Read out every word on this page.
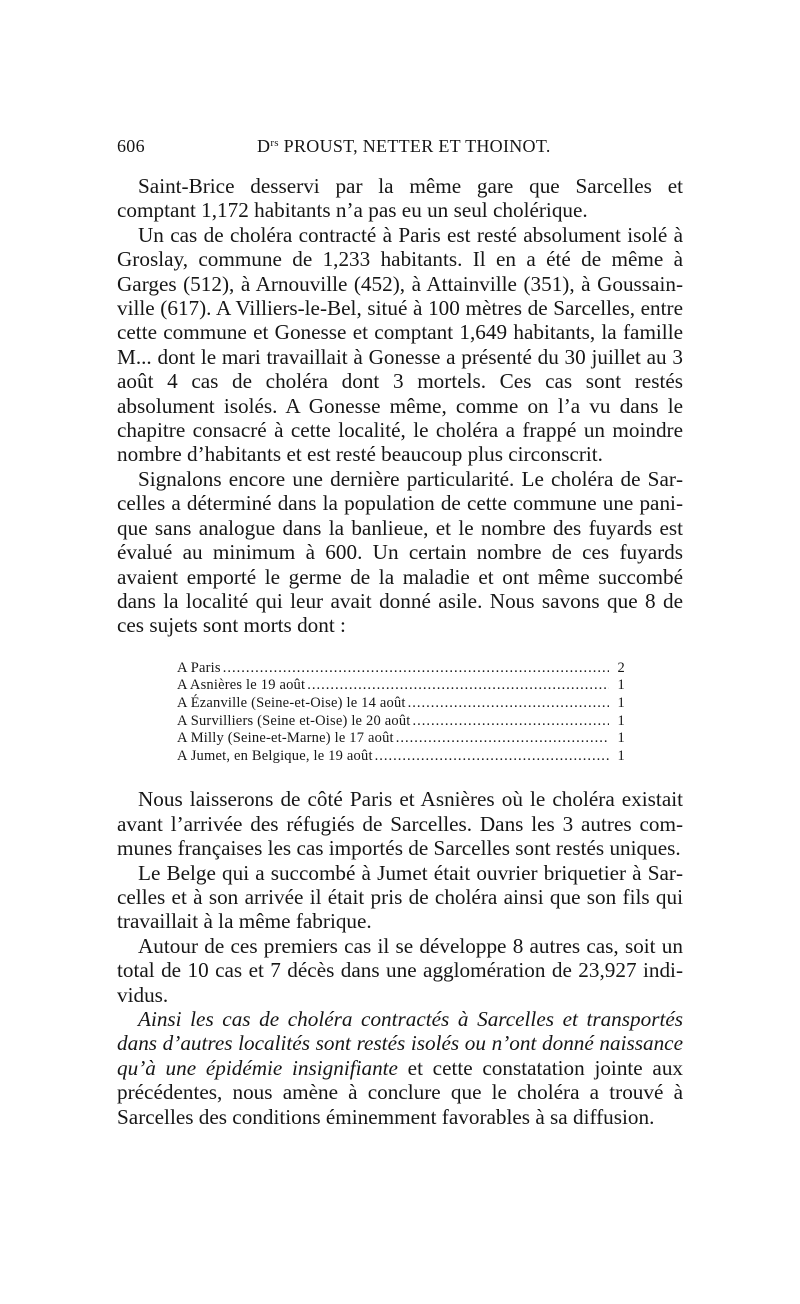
606	$D^{rs}$ PROUST, NETTER ET THOINOT.

Saint-Brice desservi par la même gare que Sarcelles et comptant 1,172 habitants n’a pas eu un seul cholérique.

Un cas de choléra contracté à Paris est resté absolument isolé à Groslay, commune de 1,233 habitants. Il en a été de même à Garges (512), à Arnouville (452), à Attainville (351), à Goussainville (617). A Villiers-le-Bel, situé à 100 mètres de Sarcelles, entre cette commune et Gonesse et comptant 1,649 habitants, la famille M... dont le mari travaillait à Gonesse a présenté du 30 juillet au 3 août 4 cas de choléra dont 3 mortels. Ces cas sont restés absolument isolés. A Gonesse même, comme on l’a vu dans le chapitre consacré à cette localité, le choléra a frappé un moindre nombre d’habitants et est resté beaucoup plus circonscrit.

Signalons encore une dernière particularité. Le choléra de Sarcelles a déterminé dans la population de cette commune une panique sans analogue dans la banlieue, et le nombre des fuyards est évalué au minimum à 600. Un certain nombre de ces fuyards avaient emporté le germe de la maladie et ont même succombé dans la localité qui leur avait donné asile. Nous savons que 8 de ces sujets sont morts dont :

A Paris .....	2
A Asnières le 19 août .....	1
A Ézanville (Seine-et-Oise) le 14 août .....	1
A Survilliers (Seine et-Oise) le 20 août .....	1
A Milly (Seine-et-Marne) le 17 août .....	1
A Jumet, en Belgique, le 19 août .....	1

Nous laisserons de côté Paris et Asnières où le choléra existait avant l’arrivée des réfugiés de Sarcelles. Dans les 3 autres communes françaises les cas importés de Sarcelles sont restés uniques.

Le Belge qui a succombé à Jumet était ouvrier briquetier à Sarcelles et à son arrivée il était pris de choléra ainsi que son fils qui travaillait à la même fabrique.

Autour de ces premiers cas il se développe 8 autres cas, soit un total de 10 cas et 7 décès dans une agglomération de 23,927 individus.

Ainsi les cas de choléra contractés à Sarcelles et transportés dans d’autres localités sont restés isolés ou n’ont donné naissance qu’à une épidémie insignifiante et cette constatation jointe aux précédentes, nous amène à conclure que le choléra a trouvé à Sarcelles des conditions éminemment favorables à sa diffusion.
